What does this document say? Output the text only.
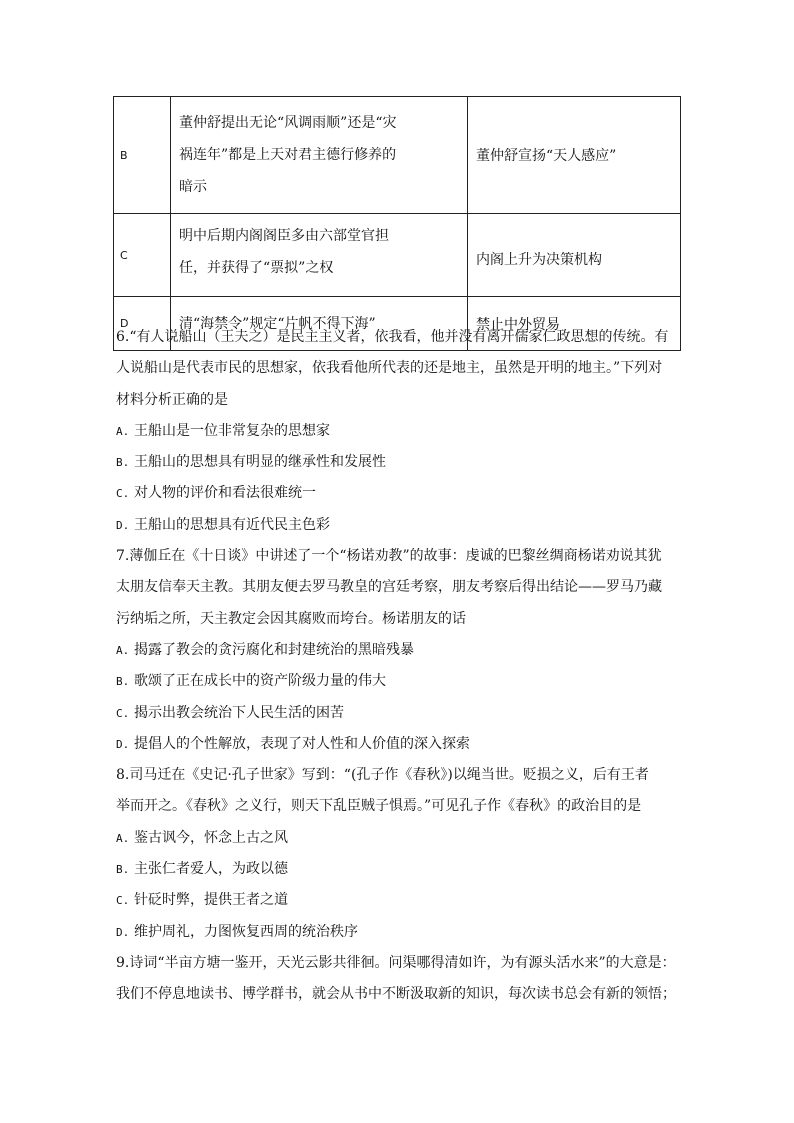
B	董仲舒提出无论“风调雨顺”还是“灾
祸连年”都是上天对君主德行修养的
暗示	董仲舒宣扬“天人感应”
C	明中后期内阁阁臣多由六部堂官担
任，并获得了“票拟”之权	内阁上升为决策机构
D	清“海禁令”规定“片帆不得下海”	禁止中外贸易

6.“有人说船山（王夫之）是民主主义者，依我看，他并没有离开儒家仁政思想的传统。有

人说船山是代表市民的思想家，依我看他所代表的还是地主，虽然是开明的地主。”下列对

材料分析正确的是

A. 王船山是一位非常复杂的思想家

B. 王船山的思想具有明显的继承性和发展性

C. 对人物的评价和看法很难统一

D. 王船山的思想具有近代民主色彩

7.薄伽丘在《十日谈》中讲述了一个“杨诺劝教”的故事：虔诚的巴黎丝绸商杨诺劝说其犹

太朋友信奉天主教。其朋友便去罗马教皇的宫廷考察，朋友考察后得出结论——罗马乃藏

污纳垢之所，天主教定会因其腐败而垮台。杨诺朋友的话

A. 揭露了教会的贪污腐化和封建统治的黑暗残暴

B. 歌颂了正在成长中的资产阶级力量的伟大

C. 揭示出教会统治下人民生活的困苦

D. 提倡人的个性解放，表现了对人性和人价值的深入探索

8.司马迁在《史记·孔子世家》写到：“(孔子作《春秋》)以绳当世。贬损之义，后有王者

举而开之。《春秋》之义行，则天下乱臣贼子惧焉。”可见孔子作《春秋》的政治目的是

A. 鉴古讽今，怀念上古之风

B. 主张仁者爱人，为政以德

C. 针砭时弊，提供王者之道

D. 维护周礼，力图恢复西周的统治秩序

9.诗词“半亩方塘一鉴开，天光云影共徘徊。问渠哪得清如许，为有源头活水来”的大意是：

我们不停息地读书、博学群书，就会从书中不断汲取新的知识，每次读书总会有新的领悟；
